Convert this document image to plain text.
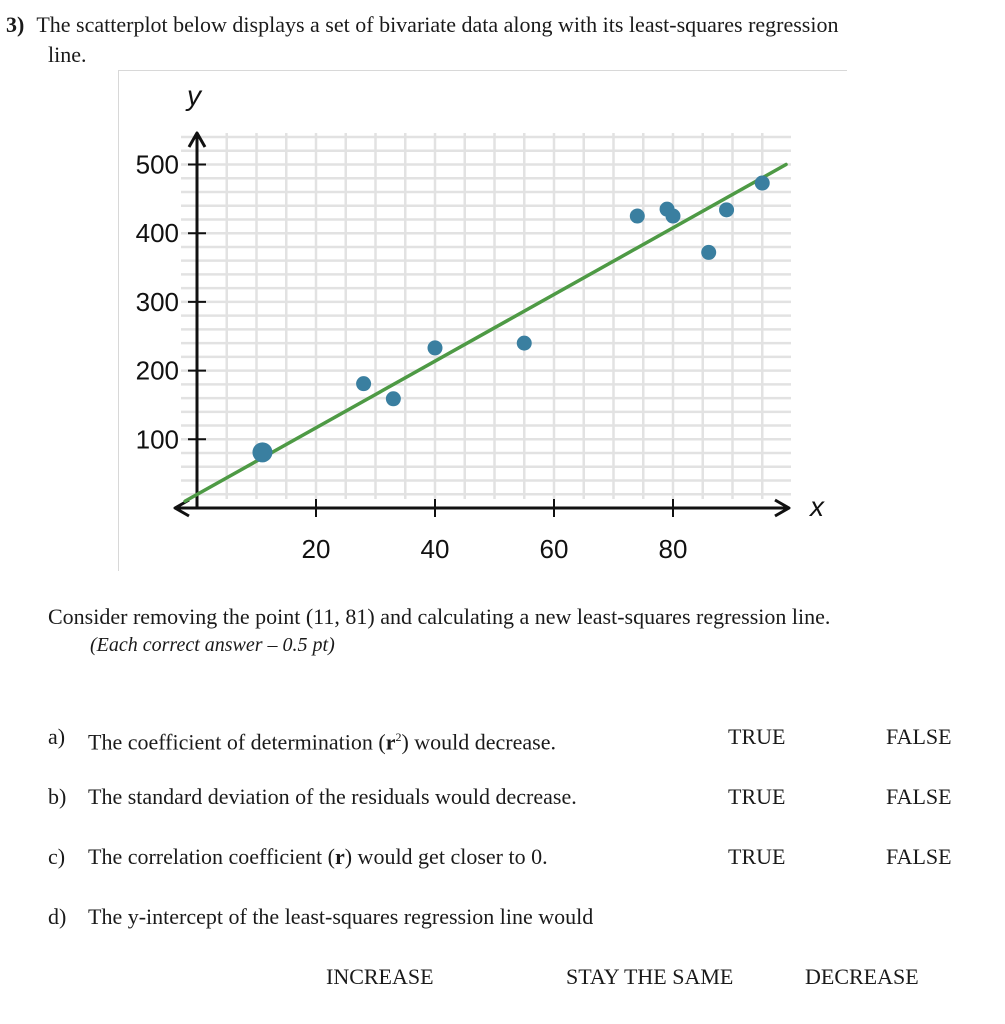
3) The scatterplot below displays a set of bivariate data along with its least-squares regression
line.
20	40	60	80
100
200
300
400
500
x
y
Consider removing the point (11, 81) and calculating a new least-squares regression line.
(Each correct answer – 0.5 pt)
a) The coefficient of determination $(r^2)$ would decrease.	TRUE	FALSE
b) The standard deviation of the residuals would decrease.	TRUE	FALSE
c) The correlation coefficient (r) would get closer to 0.	TRUE	FALSE
d) The y-intercept of the least-squares regression line would
INCREASE	STAY THE SAME	DECREASE
